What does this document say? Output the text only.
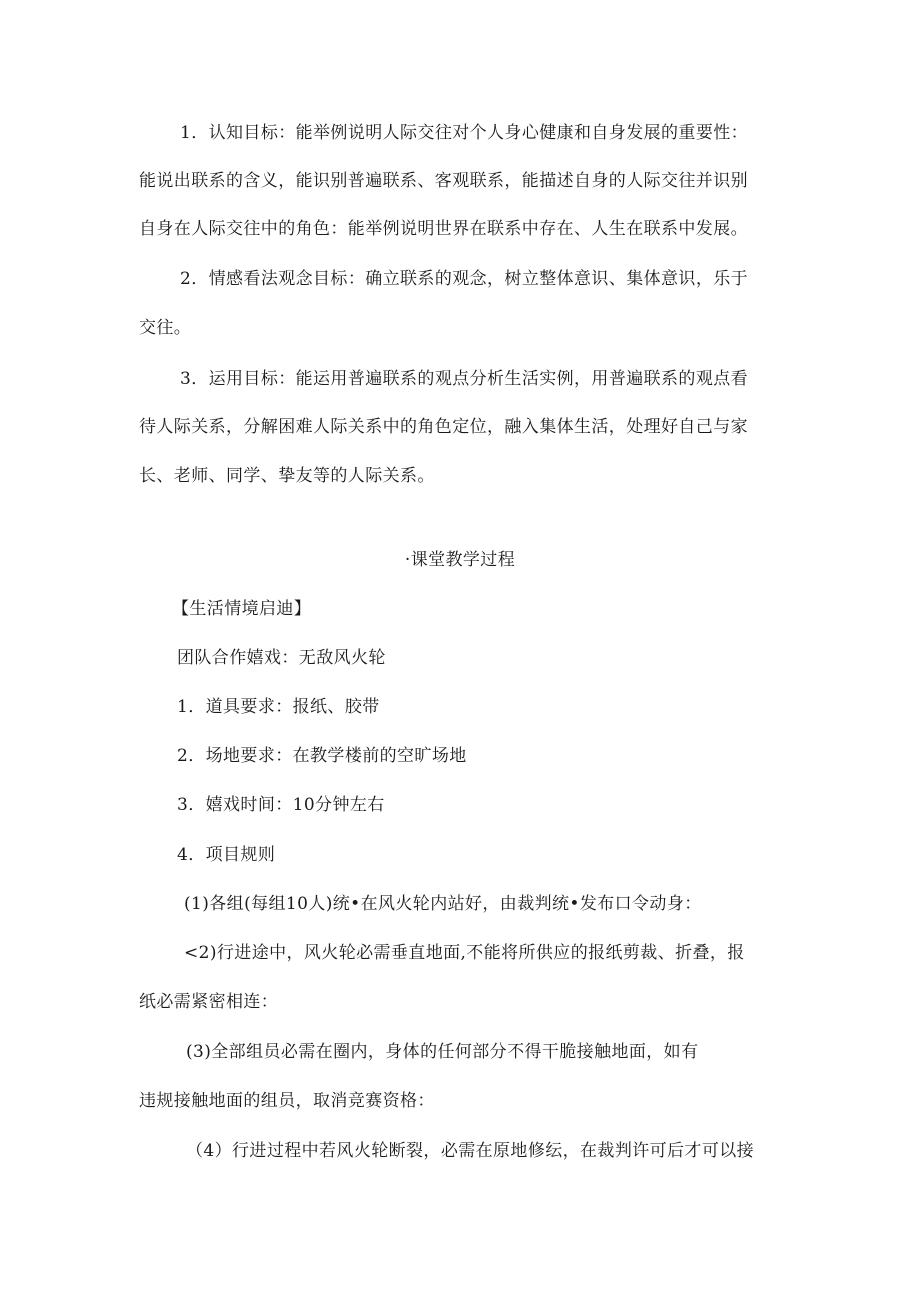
1．认知目标：能举例说明人际交往对个人身心健康和自身发展的重要性：
能说出联系的含义，能识别普遍联系、客观联系，能描述自身的人际交往并识别
自身在人际交往中的角色：能举例说明世界在联系中存在、人生在联系中发展。
2．情感看法观念目标：确立联系的观念，树立整体意识、集体意识，乐于
交往。
3．运用目标：能运用普遍联系的观点分析生活实例，用普遍联系的观点看
待人际关系，分解困难人际关系中的角色定位，融入集体生活，处理好自己与家
长、老师、同学、挚友等的人际关系。
·课堂教学过程
【生活情境启迪】
团队合作嬉戏：无敌风火轮
1．道具要求：报纸、胶带
2．场地要求：在教学楼前的空旷场地
3．嬉戏时间：10分钟左右
4．项目规则
(1)各组(每组10人)统•在风火轮内站好，由裁判统•发布口令动身：
<2)行进途中，风火轮必需垂直地面,不能将所供应的报纸剪裁、折叠，报
纸必需紧密相连：
(3)全部组员必需在圈内，身体的任何部分不得干脆接触地面，如有
违规接触地面的组员，取消竞赛资格：
（4）行进过程中若风火轮断裂，必需在原地修纭，在裁判许可后才可以接
